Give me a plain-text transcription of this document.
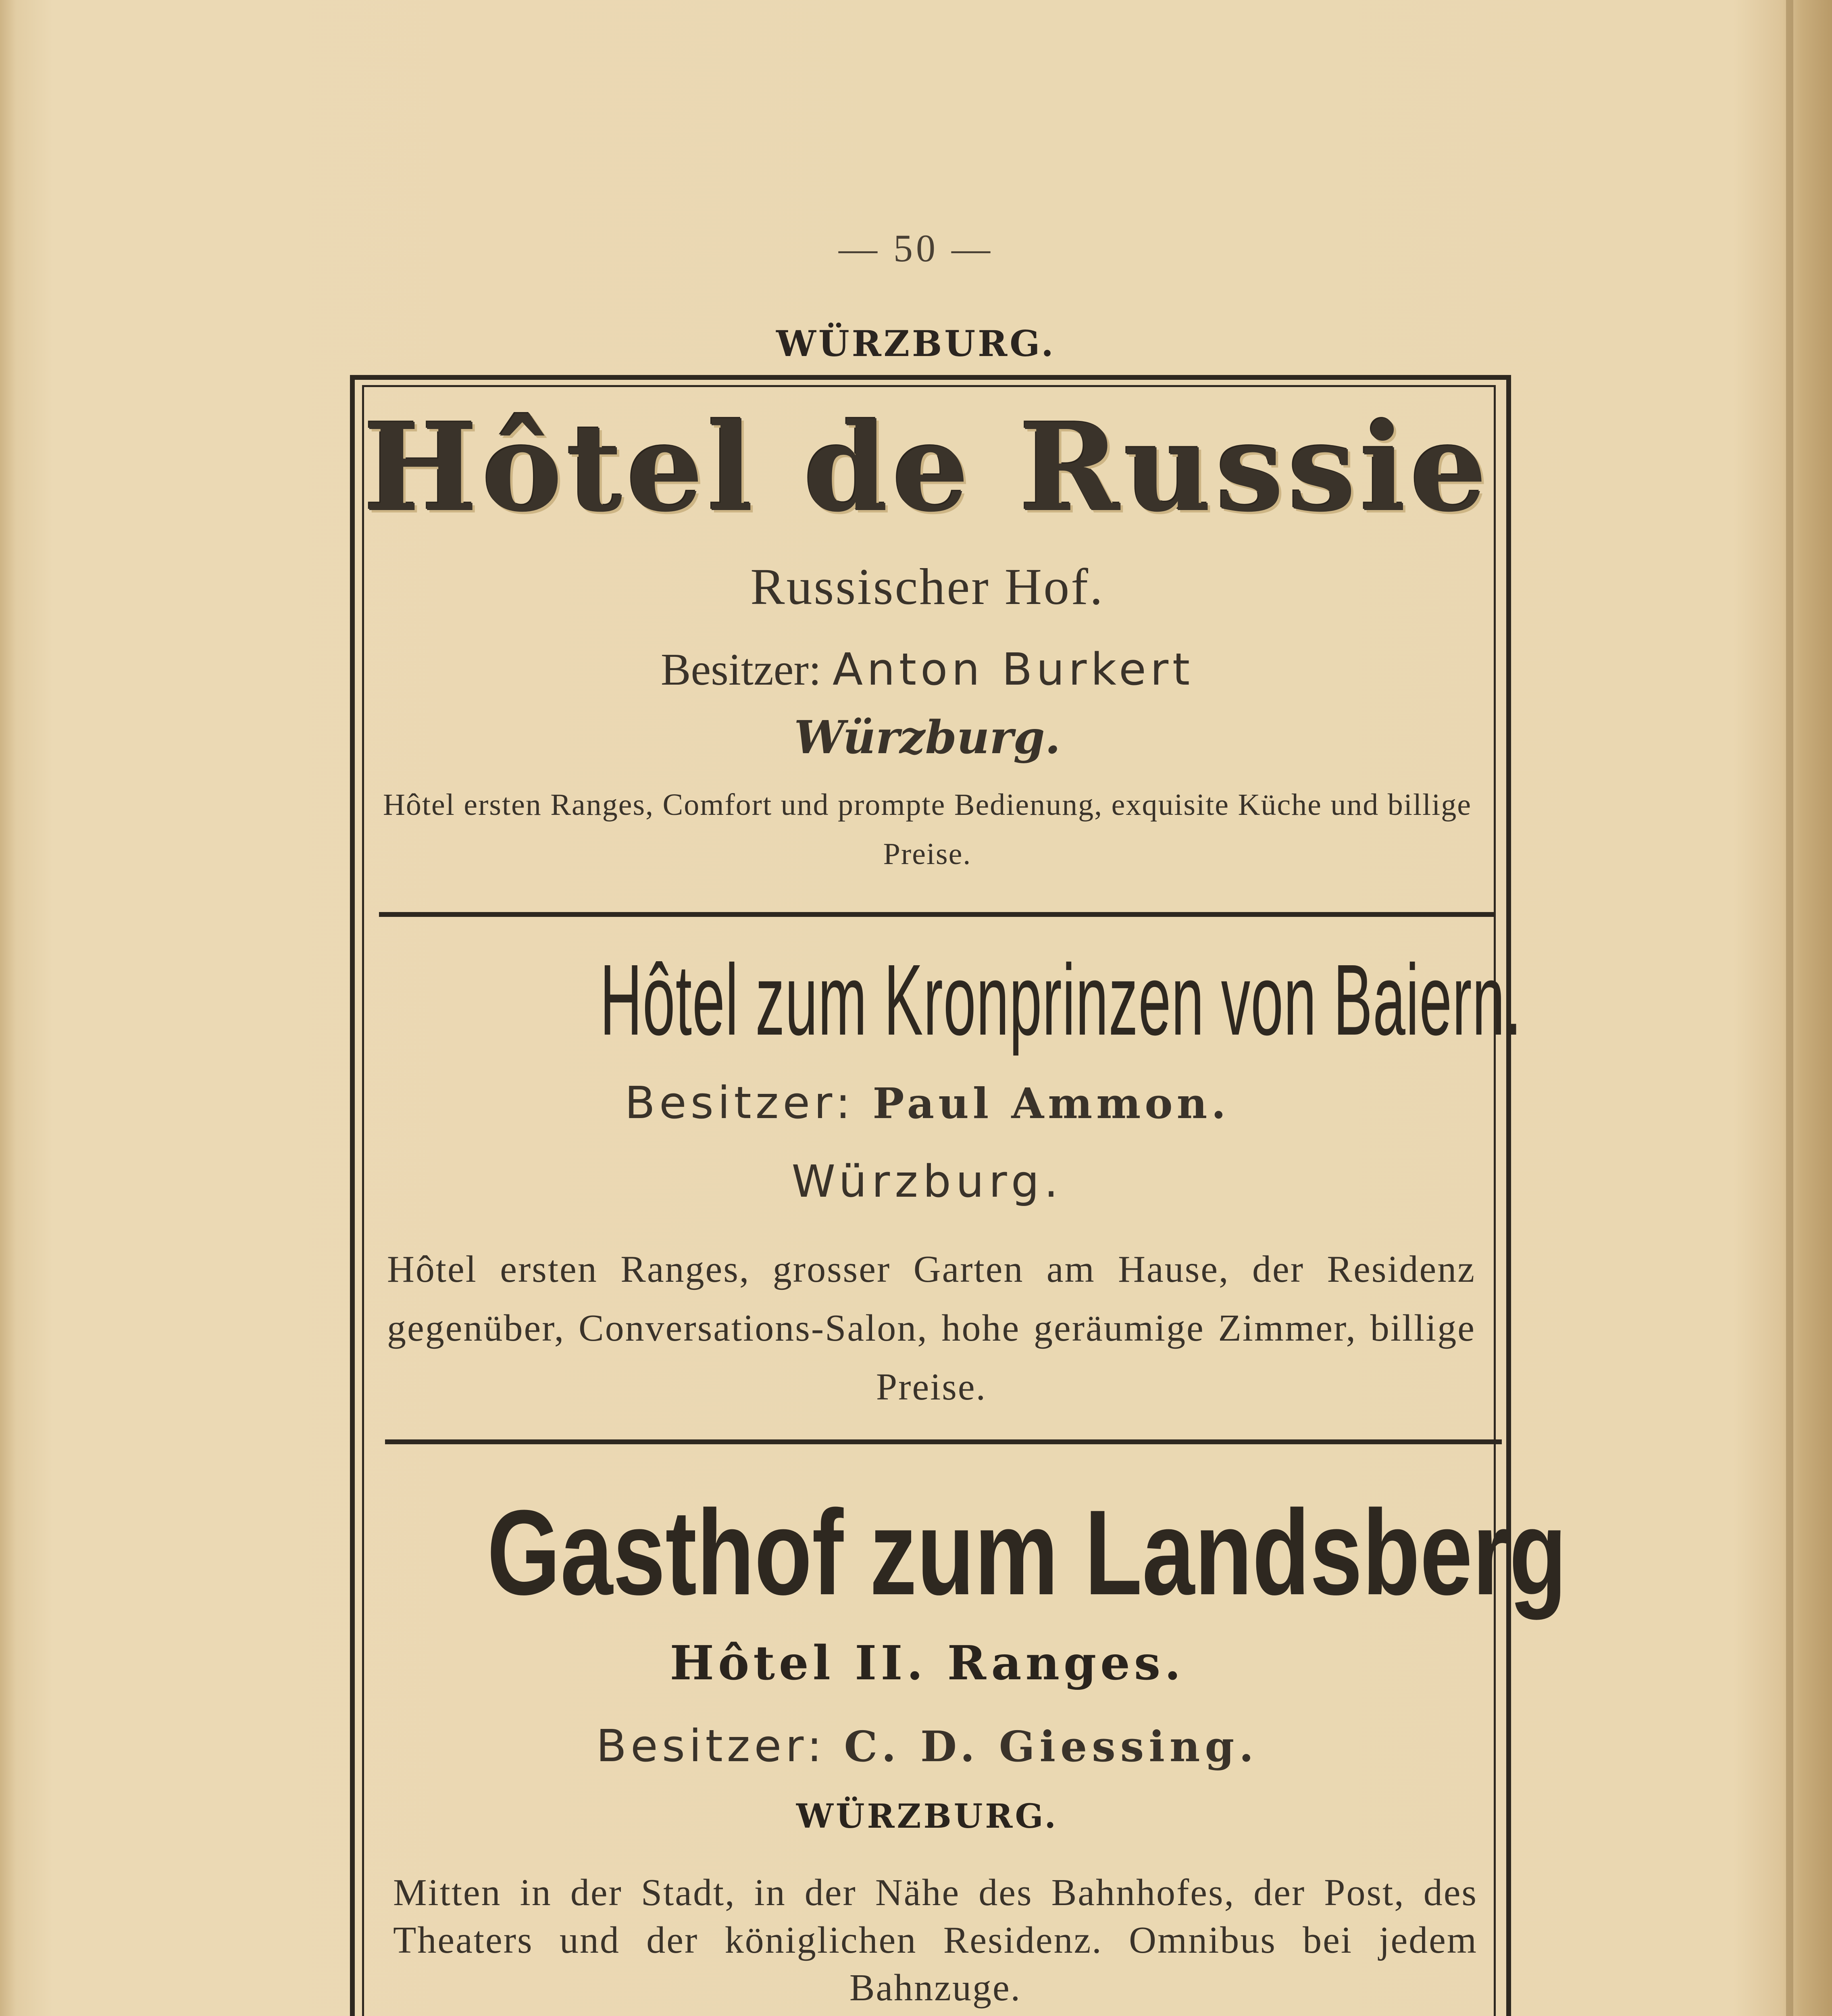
— 50 —
WÜRZBURG.
Hôtel de Russie
Russischer Hof.
Besitzer: Anton Burkert
Würzburg.
Hôtel ersten Ranges, Comfort und prompte Bedienung, exquisite Küche und billige Preise.
Hôtel zum Kronprinzen von Baiern.
Besitzer: Paul Ammon.
Würzburg.
Hôtel ersten Ranges, grosser Garten am Hause, der Residenz gegenüber, Conversations-Salon, hohe geräumige Zimmer, billige Preise.
Gasthof zum Landsberg
Hôtel II. Ranges.
Besitzer: C. D. Giessing.
WÜRZBURG.
Mitten in der Stadt, in der Nähe des Bahnhofes, der Post, des Theaters und der königlichen Residenz. Omnibus bei jedem Bahnzuge.
